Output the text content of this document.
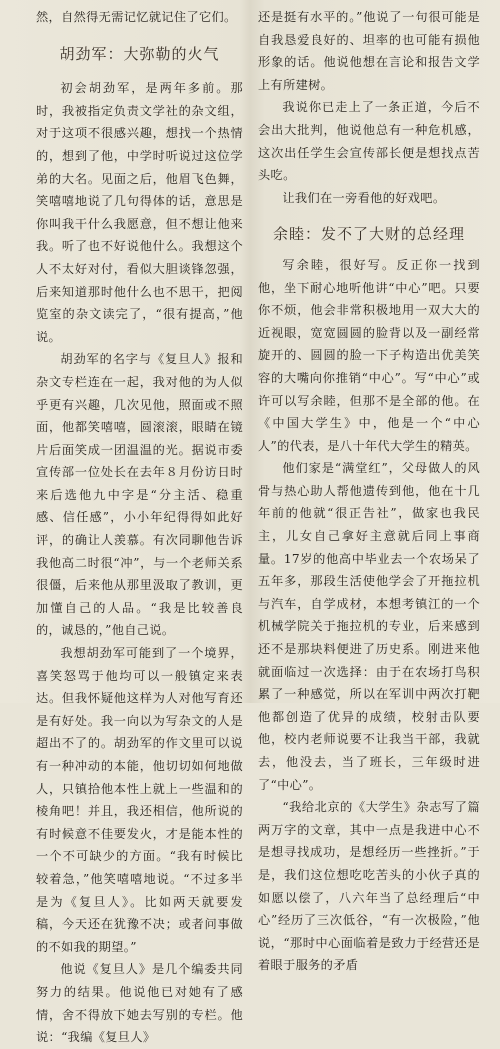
然，自然得无需记忆就记住了它们。

胡劲军：大弥勒的火气

初会胡劲军，是两年多前。那时，我被指定负责文学社的杂文组，对于这项不很感兴趣，想找一个热情的，想到了他，中学时听说过这位学弟的大名。见面之后，他眉飞色舞，笑嘻嘻地说了几句得体的话，意思是你叫我干什么我愿意，但不想让他来我。听了也不好说他什么。我想这个人不太好对付，看似大胆谈锋忽强，后来知道那时他什么也不思干，把阅览室的杂文读完了，“很有提高，”他说。

胡劲军的名字与《复旦人》报和杂文专栏连在一起，我对他的为人似乎更有兴趣，几次见他，照面或不照面，他都笑嘻嘻，圆滚滚，眼睛在镜片后面笑成一团温温的光。据说市委宣传部一位处长在去年８月份访日时来后选他九中字是“分主活、稳重感、信任感”，小小年纪得得如此好评，的确让人羡慕。有次同聊他告诉我他高二时很“冲”，与一个老师关系很僵，后来他从那里汲取了教训，更加懂自己的人品。“我是比较善良的，诚恳的，”他自己说。

我想胡劲军可能到了一个境界，喜笑怒骂于他均可以一般镇定来表达。但我怀疑他这样为人对他写育还是有好处。我一向以为写杂文的人是超出不了的。胡劲军的作文里可以说有一种冲动的本能，他切切如何地做人，只镇拾他本性上就上一些温和的棱角吧！并且，我还相信，他所说的有时候意不佳要发火，才是能本性的一个不可缺少的方面。“我有时候比较着急，”他笑嘻嘻地说。“不过多半是为《复旦人》。比如两天就要发稿，今天还在犹豫不决；或者问事做的不如我的期望。”

他说《复旦人》是几个编委共同努力的结果。他说他已对她有了感情，舍不得放下她去写别的专栏。他说：“我编《复旦人》

还是挺有水平的。”他说了一句很可能是自我恳爱良好的、坦率的也可能有损他形象的话。他说他想在言论和报告文学上有所建树。

我说你已走上了一条正道，今后不会出大批判，他说他总有一种危机感，这次出任学生会宣传部长便是想找点苦头吃。

让我们在一旁看他的好戏吧。

余睦：发不了大财的总经理

写余睦，很好写。反正你一找到他，坐下耐心地听他讲“中心”吧。只要你不烦，他会非常积极地用一双大大的近视眼，宽宽圆圆的脸背以及一副经常旋开的、圆圆的脸一下子构造出优美笑容的大嘴向你推销“中心”。写“中心”或许可以写余睦，但那不是全部的他。在《中国大学生》中，他是一个“中心人”的代表，是八十年代大学生的精英。

他们家是“满堂红”，父母做人的风骨与热心助人帮他遗传到他，他在十几年前的他就“很正告社”，做家也我民主，儿女自己拿好主意就后同上事商量。17岁的他高中毕业去一个农场呆了五年多，那段生活使他学会了开拖拉机与汽车，自学成材，本想考镇江的一个机械学院关于拖拉机的专业，后来感到还不是那块料便进了历史系。刚进来他就面临过一次选择：由于在农场打鸟积累了一种感觉，所以在军训中两次打靶他都创造了优异的成绩，校射击队要他，校内老师说要不让我当干部，我就去，他没去，当了班长，三年级时进了“中心”。

“我给北京的《大学生》杂志写了篇两万字的文章，其中一点是我进中心不是想寻找成功，是想经历一些挫折。”于是，我们这位想吃吃苦头的小伙子真的如愿以偿了，八六年当了总经理后“中心”经历了三次低谷，“有一次极险，”他说，“那时中心面临着是致力于经营还是着眼于服务的矛盾
